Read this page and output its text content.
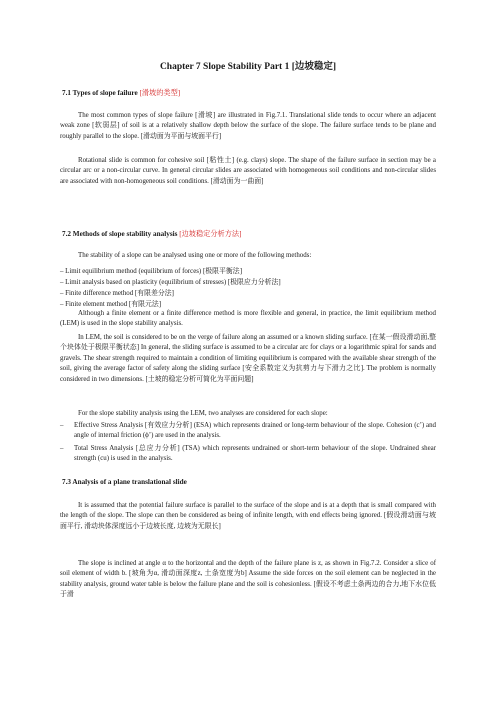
Chapter 7 Slope Stability Part 1 [边坡稳定]
7.1 Types of slope failure [滑坡的类型]
The most common types of slope failure [滑坡] are illustrated in Fig.7.1. Translational slide tends to occur where an adjacent weak zone [软弱层] of soil is at a relatively shallow depth below the surface of the slope. The failure surface tends to be plane and roughly parallel to the slope. [滑动面为平面与坡面平行]
Rotational slide is common for cohesive soil [粘性土] (e.g. clays) slope. The shape of the failure surface in section may be a circular arc or a non-circular curve. In general circular slides are associated with homogeneous soil conditions and non-circular slides are associated with non-homogeneous soil conditions. [滑动面为一曲面]
7.2 Methods of slope stability analysis [边坡稳定分析方法]
The stability of a slope can be analysed using one or more of the following methods:
– Limit equilibrium method (equilibrium of forces) [极限平衡法]
– Limit analysis based on plasticity (equilibrium of stresses) [极限应力分析法]
– Finite difference method [有限差分法]
– Finite element method [有限元法]
Although a finite element or a finite difference method is more flexible and general, in practice, the limit equilibrium method (LEM) is used in the slope stability analysis.
In LEM, the soil is considered to be on the verge of failure along an assumed or a known sliding surface. [在某一假设滑动面,整个块体处于极限平衡状态] In general, the sliding surface is assumed to be a circular arc for clays or a logarithmic spiral for sands and gravels. The shear strength required to maintain a condition of limiting equilibrium is compared with the available shear strength of the soil, giving the average factor of safety along the sliding surface [安全系数定义为抗剪力与下滑力之比]. The problem is normally considered in two dimensions. [土坡的稳定分析可简化为平面问题]
For the slope stability analysis using the LEM, two analyses are considered for each slope:
– Effective Stress Analysis [有效应力分析] (ESA) which represents drained or long-term behaviour of the slope. Cohesion (c’) and angle of internal friction (ϕ’) are used in the analysis.
– Total Stress Analysis [总应力分析] (TSA) which represents undrained or short-term behaviour of the slope. Undrained shear strength (cu) is used in the analysis.
7.3 Analysis of a plane translational slide
It is assumed that the potential failure surface is parallel to the surface of the slope and is at a depth that is small compared with the length of the slope. The slope can then be considered as being of infinite length, with end effects being ignored. [假设滑动面与坡面平行, 滑动块体深度远小于边坡长度, 边坡为无限长]
The slope is inclined at angle α to the horizontal and the depth of the failure plane is z, as shown in Fig.7.2. Consider a slice of soil element of width b. [坡角为α, 滑动面深度z, 土条宽度为b] Assume the side forces on the soil element can be neglected in the stability analysis, ground water table is below the failure plane and the soil is cohesionless. [假设不考虑土条两边的合力,地下水位低于滑
